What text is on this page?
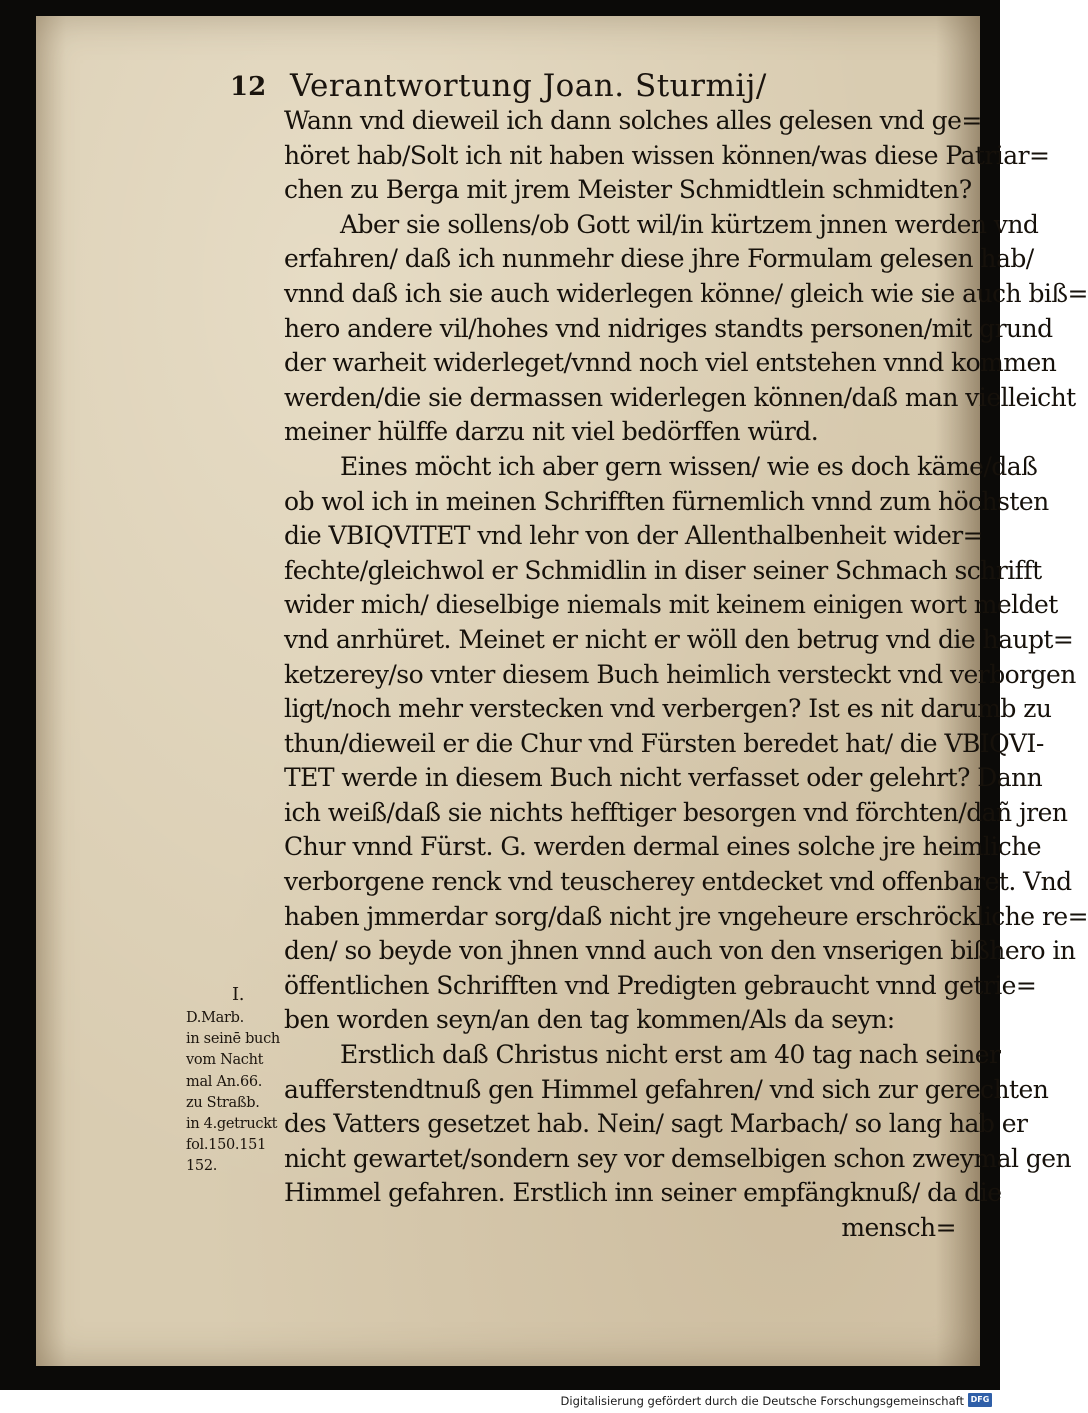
12 Verantwortung Joan. Sturmij/
Wann vnd dieweil ich dann solches alles gelesen vnd ge=
höret hab/Solt ich nit haben wissen können/was diese Patriar=
chen zu Berga mit jrem Meister Schmidtlein schmidten?
Aber sie sollens/ob Gott wil/in kürtzem jnnen werden vnd
erfahren/ daß ich nunmehr diese jhre Formulam gelesen hab/
vnnd daß ich sie auch widerlegen könne/ gleich wie sie auch biß=
hero andere vil/hohes vnd nidriges standts personen/mit grund
der warheit widerleget/vnnd noch viel entstehen vnnd kommen
werden/die sie dermassen widerlegen können/daß man vielleicht
meiner hülffe darzu nit viel bedörffen würd.
Eines möcht ich aber gern wissen/ wie es doch käme/daß
ob wol ich in meinen Schrifften fürnemlich vnnd zum höchsten
die VBIQVITET vnd lehr von der Allenthalbenheit wider=
fechte/gleichwol er Schmidlin in diser seiner Schmach schrifft
wider mich/ dieselbige niemals mit keinem einigen wort meldet
vnd anrhüret. Meinet er nicht er wöll den betrug vnd die haupt=
ketzerey/so vnter diesem Buch heimlich versteckt vnd verborgen
ligt/noch mehr verstecken vnd verbergen? Ist es nit darumb zu
thun/dieweil er die Chur vnd Fürsten beredet hat/ die VBIQVI-
TET werde in diesem Buch nicht verfasset oder gelehrt? Dann
ich weiß/daß sie nichts hefftiger besorgen vnd förchten/dañ jren
Chur vnnd Fürst. G. werden dermal eines solche jre heimliche
verborgene renck vnd teuscherey entdecket vnd offenbaret. Vnd
haben jmmerdar sorg/daß nicht jre vngeheure erschröckliche re=
den/ so beyde von jhnen vnnd auch von den vnserigen bißhero in
öffentlichen Schrifften vnd Predigten gebraucht vnnd getrie=
ben worden seyn/an den tag kommen/Als da seyn:
Erstlich daß Christus nicht erst am 40 tag nach seiner
aufferstendtnuß gen Himmel gefahren/ vnd sich zur gerechten
des Vatters gesetzet hab. Nein/ sagt Marbach/ so lang hab er
nicht gewartet/sondern sey vor demselbigen schon zweymal gen
Himmel gefahren. Erstlich inn seiner empfängknuß/ da die
mensch=
I.
D.Marb.
in seinē buch
vom Nacht
mal An.66.
zu Straßb.
in 4.getruckt
fol.150.151
152.
Digitalisierung gefördert durch die Deutsche Forschungsgemeinschaft DFG
